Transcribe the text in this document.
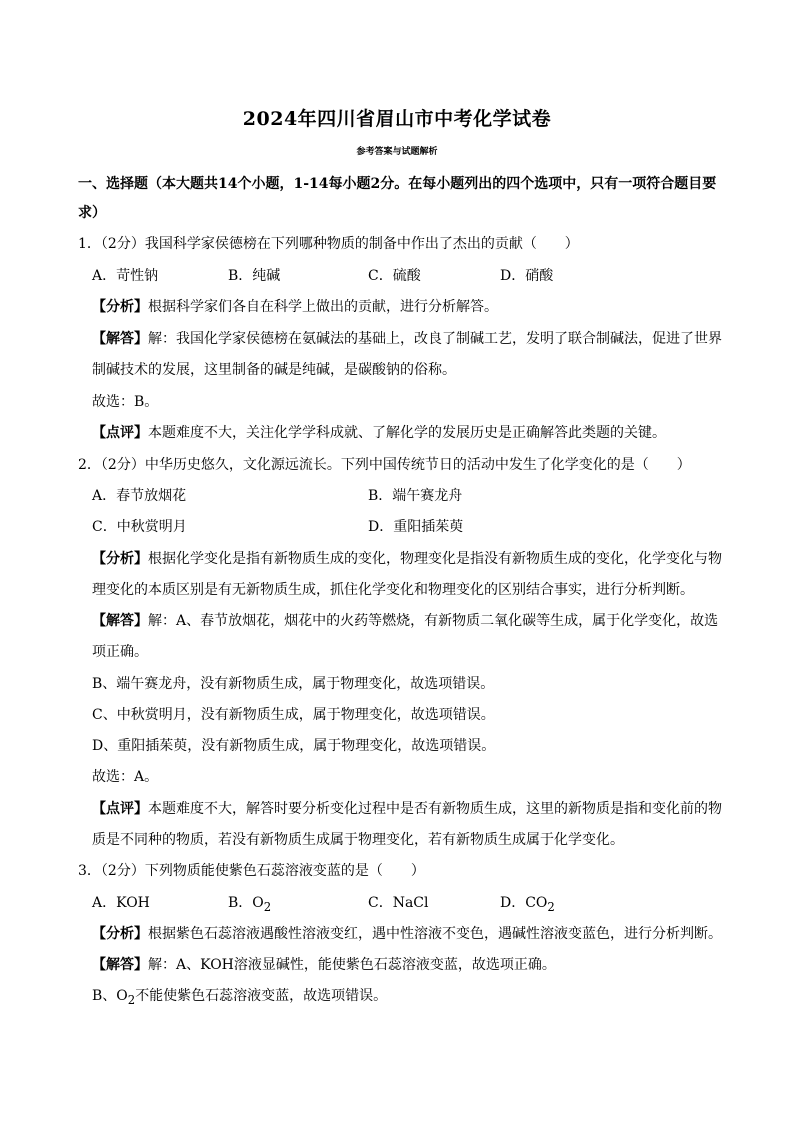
2024年四川省眉山市中考化学试卷
参考答案与试题解析
一、选择题（本大题共14个小题，1-14每小题2分。在每小题列出的四个选项中，只有一项符合题目要
求）
1．（2分）我国科学家侯德榜在下列哪种物质的制备中作出了杰出的贡献（　　）
A．苛性钠	B．纯碱	C．硫酸	D．硝酸
【分析】根据科学家们各自在科学上做出的贡献，进行分析解答。
【解答】解：我国化学家侯德榜在氨碱法的基础上，改良了制碱工艺，发明了联合制碱法，促进了世界
制碱技术的发展，这里制备的碱是纯碱，是碳酸钠的俗称。
故选：B。
【点评】本题难度不大，关注化学学科成就、了解化学的发展历史是正确解答此类题的关键。
2．（2分）中华历史悠久，文化源远流长。下列中国传统节日的活动中发生了化学变化的是（　　）
A．春节放烟花	B．端午赛龙舟
C．中秋赏明月	D．重阳插茱萸
【分析】根据化学变化是指有新物质生成的变化，物理变化是指没有新物质生成的变化，化学变化与物
理变化的本质区别是有无新物质生成，抓住化学变化和物理变化的区别结合事实，进行分析判断。
【解答】解：A、春节放烟花，烟花中的火药等燃烧，有新物质二氧化碳等生成，属于化学变化，故选
项正确。
B、端午赛龙舟，没有新物质生成，属于物理变化，故选项错误。
C、中秋赏明月，没有新物质生成，属于物理变化，故选项错误。
D、重阳插茱萸，没有新物质生成，属于物理变化，故选项错误。
故选：A。
【点评】本题难度不大，解答时要分析变化过程中是否有新物质生成，这里的新物质是指和变化前的物
质是不同种的物质，若没有新物质生成属于物理变化，若有新物质生成属于化学变化。
3．（2分）下列物质能使紫色石蕊溶液变蓝的是（　　）
A．KOH	B．$O_2$	C．NaCl	D．$CO_2$
【分析】根据紫色石蕊溶液遇酸性溶液变红，遇中性溶液不变色，遇碱性溶液变蓝色，进行分析判断。
【解答】解：A、KOH溶液显碱性，能使紫色石蕊溶液变蓝，故选项正确。
B、$O_2$不能使紫色石蕊溶液变蓝，故选项错误。
